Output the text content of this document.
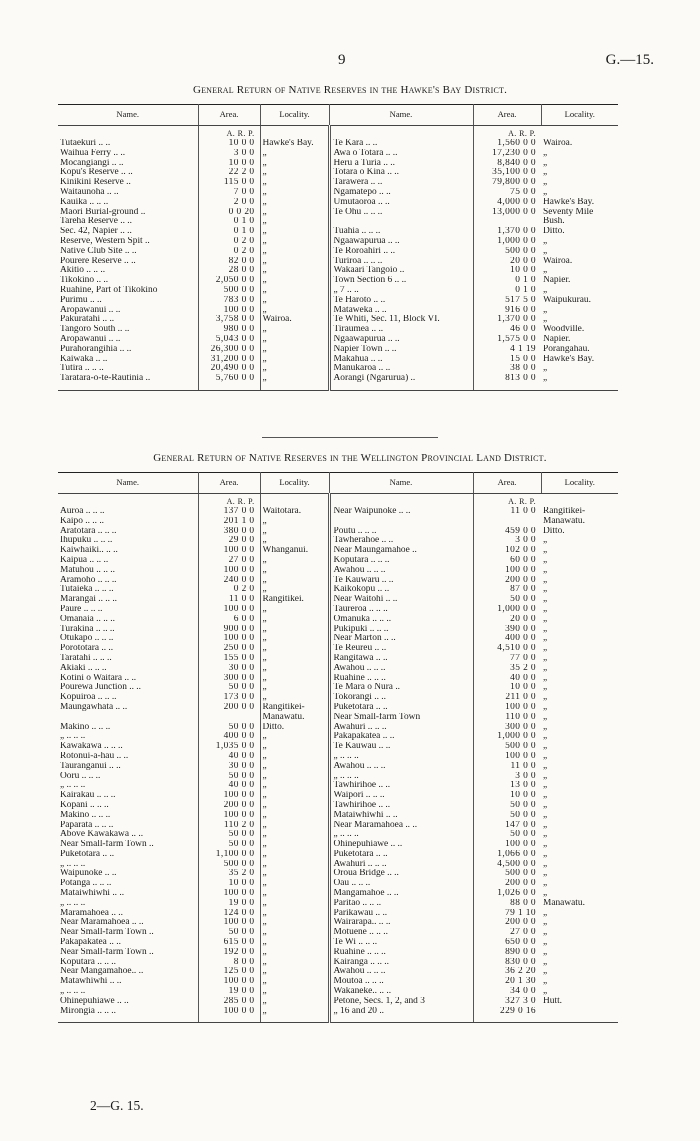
9	G.—15.
General Return of Native Reserves in the Hawke's Bay District.
Name.	Area.	Locality.	Name.	Area.	Locality.
	A. R. P.			A. R. P.	
Tutaekuri .. ..	10 0 0	Hawke's Bay.	Te Kara .. ..	1,560 0 0	Wairoa.
Waihua Ferry .. ..	3 0 0	„	Awa o Totara .. ..	17,230 0 0	„
Mocangiangi .. ..	10 0 0	„	Heru a Turia .. ..	8,840 0 0	„
Kopu's Reserve .. ..	22 2 0	„	Totara o Kina .. ..	35,100 0 0	„
Kinikini Reserve ..	115 0 0	„	Tarawera .. ..	79,800 0 0	„
Waitaunoha .. ..	7 0 0	„	Ngamatepo .. ..	75 0 0	„
Kauika .. .. ..	2 0 0	„	Umutaoroa .. ..	4,000 0 0	Hawke's Bay.
Maori Burial-ground ..	0 0 20	„	Te Ohu .. .. ..	13,000 0 0	Seventy Mile
Tareha Reserve .. ..	0 1 0	„			Bush.
Sec. 42, Napier .. ..	0 1 0	„	Tuahia .. .. ..	1,370 0 0	Ditto.
Reserve, Western Spit ..	0 2 0	„	Ngaawapurua .. ..	1,000 0 0	„
Native Club Site .. ..	0 2 0	„	Te Roroahiri .. ..	500 0 0	„
Pourere Reserve .. ..	82 0 0	„	Turiroa .. .. ..	20 0 0	Wairoa.
Akitio .. .. ..	28 0 0	„	Wakaari Tangoio ..	10 0 0	„
Tikokino .. ..	2,050 0 0	„	Town Section 6 .. ..	0 1 0	Napier.
Ruahine, Part of Tikokino	500 0 0	„	„ 7 .. ..	0 1 0	„
Purimu .. ..	783 0 0	„	Te Haroto .. ..	517 5 0	Waipukurau.
Aropawanui .. ..	100 0 0	„	Mataweka .. ..	916 0 0	„
Pakuratahi .. ..	3,758 0 0	Wairoa.	Te Whiti, Sec. 11, Block VI.	1,370 0 0	„
Tangoro South .. ..	980 0 0	„	Tiraumea .. ..	46 0 0	Woodville.
Aropawanui .. ..	5,043 0 0	„	Ngaawapurua .. ..	1,575 0 0	Napier.
Purahorangihia .. ..	26,300 0 0	„	Napier Town .. ..	4 1 19	Porangahau.
Kaiwaka .. ..	31,200 0 0	„	Makahua .. ..	15 0 0	Hawke's Bay.
Tutira .. .. ..	20,490 0 0	„	Manukaroa .. ..	38 0 0	„
Taratara-o-te-Rautinia ..	5,760 0 0	„	Aorangi (Ngarurua) ..	813 0 0	„

General Return of Native Reserves in the Wellington Provincial Land District.
Name.	Area.	Locality.	Name.	Area.	Locality.
	A. R. P.			A. R. P.	
Auroa .. .. ..	137 0 0	Waitotara.	Near Waipunoke .. ..	11 0 0	Rangitikei-
Kaipo .. .. ..	201 1 0	„			Manawatu.
Aratotara .. .. ..	380 0 0	„	Poutu .. .. ..	459 0 0	Ditto.
Ihupuku .. .. ..	29 0 0	„	Tawherahoe .. ..	3 0 0	„
Kaiwhaiki.. .. ..	100 0 0	Whanganui.	Near Maungamahoe ..	102 0 0	„
Kaipua .. .. ..	27 0 0	„	Koputara .. .. ..	60 0 0	„
Matuhou .. .. ..	100 0 0	„	Awahou .. .. ..	100 0 0	„
Aramoho .. .. ..	240 0 0	„	Te Kauwaru .. ..	200 0 0	„
Tutaieka .. .. ..	0 2 0	„	Kaikokopu .. ..	87 0 0	„
Marangai .. .. ..	11 0 0	Rangitikei.	Near Waitohi .. ..	50 0 0	„
Paure .. .. ..	100 0 0	„	Taureroa .. .. ..	1,000 0 0	„
Omanaia .. .. ..	6 0 0	„	Omanuka .. .. ..	20 0 0	„
Turakina .. .. ..	900 0 0	„	Pukipuki .. .. ..	390 0 0	„
Otukapo .. .. ..	100 0 0	„	Near Marton .. ..	400 0 0	„
Porototara .. ..	250 0 0	„	Te Reureu .. ..	4,510 0 0	„
Taratahi .. .. ..	155 0 0	„	Rangitawa .. ..	77 0 0	„
Akiaki .. .. ..	30 0 0	„	Awahou .. .. ..	35 2 0	„
Kotini o Waitara .. ..	300 0 0	„	Ruahine .. .. ..	40 0 0	„
Pourewa Junction .. ..	50 0 0	„	Te Mara o Nura ..	10 0 0	„
Kopuiroa .. .. ..	173 0 0	„	Tokorangi .. ..	211 0 0	„
Maungawhata .. ..	200 0 0	Rangitikei-	Puketotara .. ..	100 0 0	„
		Manawatu.	Near Small-farm Town	110 0 0	„
Makino .. .. ..	50 0 0	Ditto.	Awahuri .. .. ..	300 0 0	„
„ .. .. ..	400 0 0	„	Pakapakatea .. ..	1,000 0 0	„
Kawakawa .. .. ..	1,035 0 0	„	Te Kauwau .. ..	500 0 0	„
Rotonui-a-hau .. ..	40 0 0	„	„ .. .. ..	100 0 0	„
Tauranganui .. ..	30 0 0	„	Awahou .. .. ..	11 0 0	„
Ooru .. .. ..	50 0 0	„	„ .. .. ..	3 0 0	„
„ .. .. ..	40 0 0	„	Tawhirihoe .. ..	13 0 0	„
Kairakau .. .. ..	100 0 0	„	Waipori .. .. ..	10 0 0	„
Kopani .. .. ..	200 0 0	„	Tawhirihoe .. ..	50 0 0	„
Makino .. .. ..	100 0 0	„	Mataiwhiwhi .. ..	50 0 0	„
Paparata .. .. ..	110 2 0	„	Near Maramahoea .. ..	147 0 0	„
Above Kawakawa .. ..	50 0 0	„	„ .. .. ..	50 0 0	„
Near Small-farm Town ..	50 0 0	„	Ohinepuhiawe .. ..	100 0 0	„
Puketotara .. ..	1,100 0 0	„	Puketotara .. ..	1,066 0 0	„
„ .. .. ..	500 0 0	„	Awahuri .. .. ..	4,500 0 0	„
Waipunoke .. ..	35 2 0	„	Oroua Bridge .. ..	500 0 0	„
Potanga .. .. ..	10 0 0	„	Oau .. .. ..	200 0 0	„
Mataiwhiwhi .. ..	100 0 0	„	Mangamahoe .. ..	1,026 0 0	„
„ .. .. ..	19 0 0	„	Paritao .. .. ..	88 0 0	Manawatu.
Maramahoea .. ..	124 0 0	„	Parikawau .. ..	79 1 10	„
Near Maramahoea .. ..	100 0 0	„	Wairarapa.. .. ..	200 0 0	„
Near Small-farm Town ..	50 0 0	„	Motuene .. .. ..	27 0 0	„
Pakapakatea .. ..	615 0 0	„	Te Wi .. .. ..	650 0 0	„
Near Small-farm Town ..	192 0 0	„	Ruahine .. .. ..	890 0 0	„
Koputara .. .. ..	8 0 0	„	Kairanga .. .. ..	830 0 0	„
Near Mangamahoe.. ..	125 0 0	„	Awahou .. .. ..	36 2 20	„
Matawhiwhi .. ..	100 0 0	„	Moutoa .. .. ..	20 1 30	„
„ .. .. ..	19 0 0	„	Wakaneke.. .. ..	34 0 0	„
Ohinepuhiawe .. ..	285 0 0	„	Petone, Secs. 1, 2, and 3	327 3 0	Hutt.
Mirongia .. .. ..	100 0 0	„	„ 16 and 20 ..	229 0 16	

2—G. 15.
